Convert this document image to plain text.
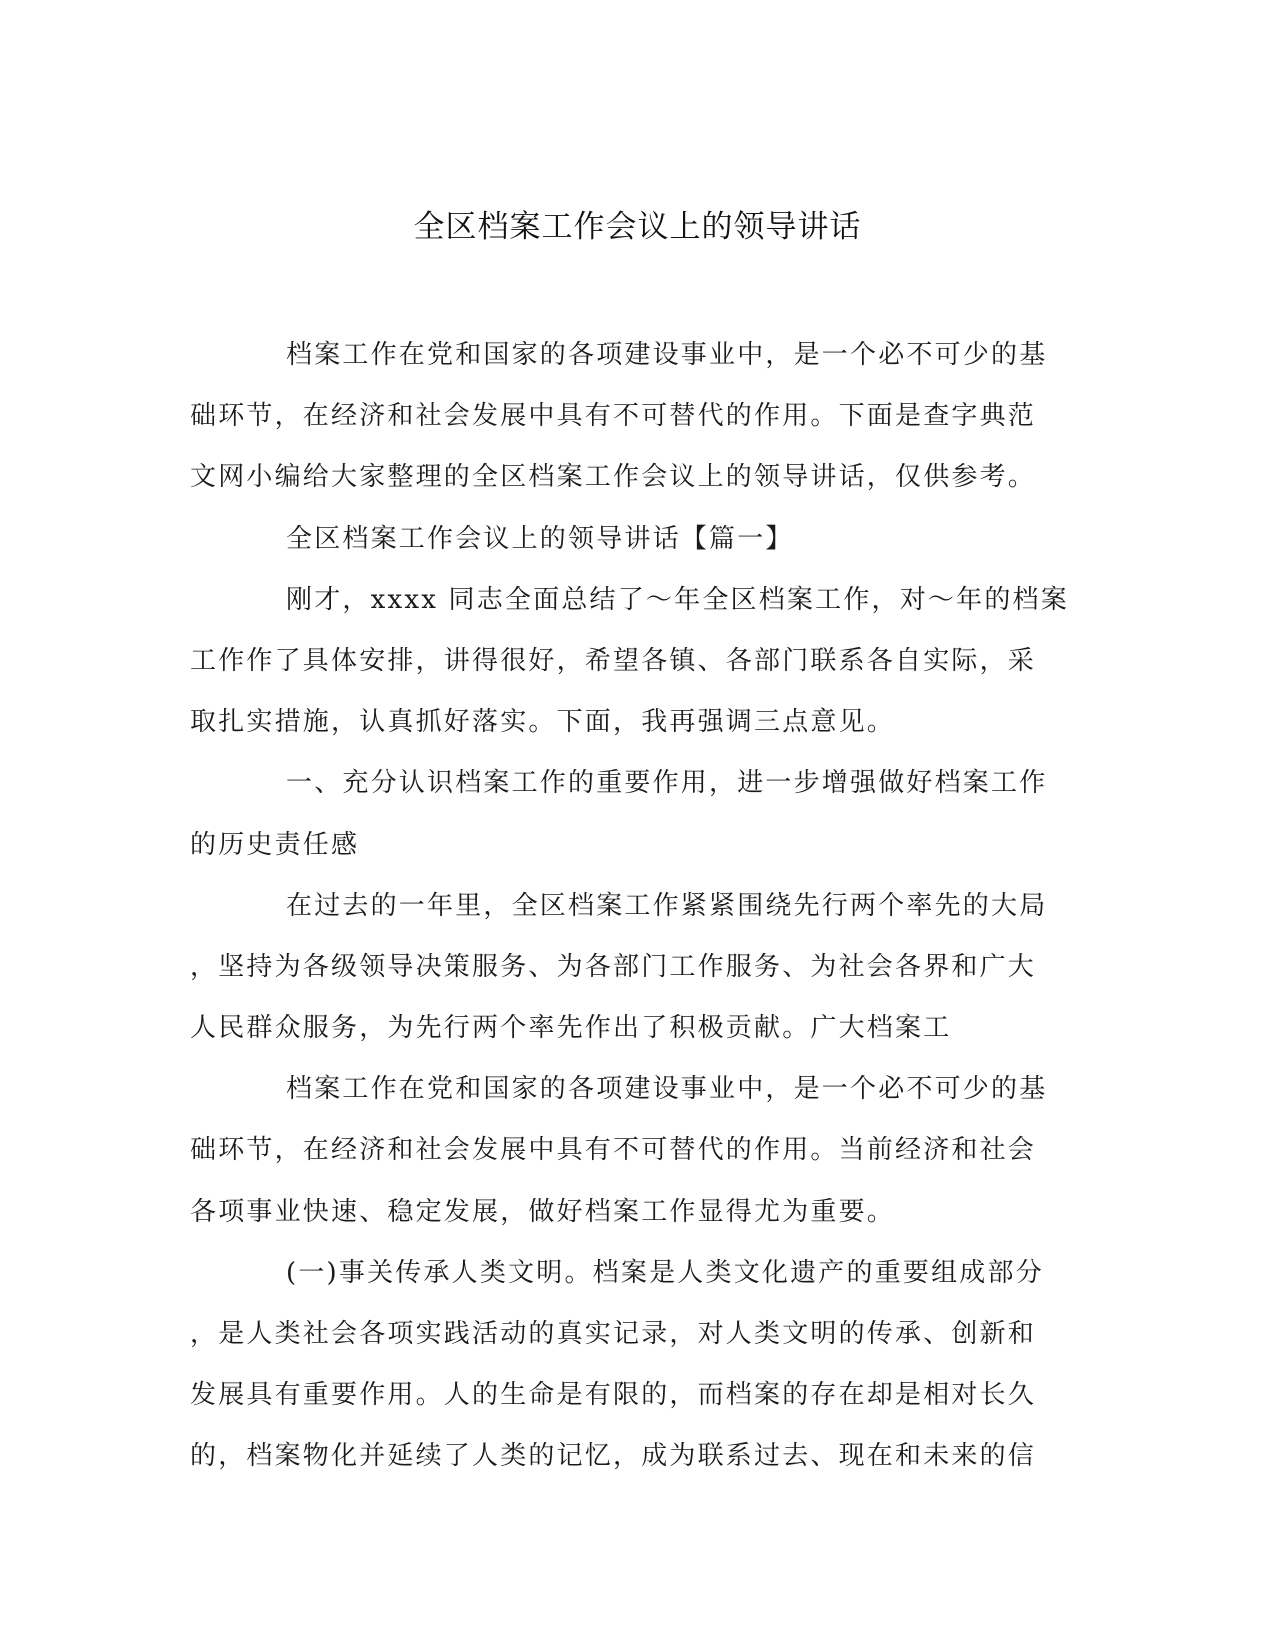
全区档案工作会议上的领导讲话
档案工作在党和国家的各项建设事业中，是一个必不可少的基
础环节，在经济和社会发展中具有不可替代的作用。下面是查字典范
文网小编给大家整理的全区档案工作会议上的领导讲话，仅供参考。
全区档案工作会议上的领导讲话【篇一】
刚才，xxxx 同志全面总结了～年全区档案工作，对～年的档案
工作作了具体安排，讲得很好，希望各镇、各部门联系各自实际，采
取扎实措施，认真抓好落实。下面，我再强调三点意见。
一、充分认识档案工作的重要作用，进一步增强做好档案工作
的历史责任感
在过去的一年里，全区档案工作紧紧围绕先行两个率先的大局
，坚持为各级领导决策服务、为各部门工作服务、为社会各界和广大
人民群众服务，为先行两个率先作出了积极贡献。广大档案工
档案工作在党和国家的各项建设事业中，是一个必不可少的基
础环节，在经济和社会发展中具有不可替代的作用。当前经济和社会
各项事业快速、稳定发展，做好档案工作显得尤为重要。
(一)事关传承人类文明。档案是人类文化遗产的重要组成部分
，是人类社会各项实践活动的真实记录，对人类文明的传承、创新和
发展具有重要作用。人的生命是有限的，而档案的存在却是相对长久
的，档案物化并延续了人类的记忆，成为联系过去、现在和未来的信
